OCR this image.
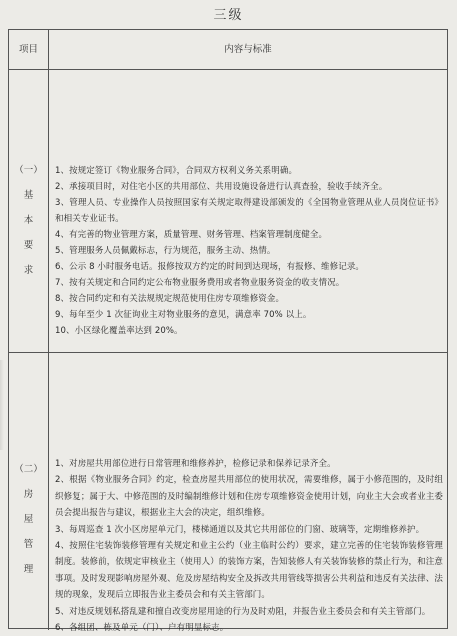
三级
项目	内容与标准
（一）
基
本
要
求
1、按规定签订《物业服务合同》，合同双方权利义务关系明确。
2、承接项目时，对住宅小区的共用部位、共用设施设备进行认真查验，验收手续齐全。
3、管理人员、专业操作人员按照国家有关规定取得建设部颁发的《全国物业管理从业人员岗位证书》和相关专业证书。
4、有完善的物业管理方案，质量管理、财务管理、档案管理制度健全。
5、管理服务人员佩戴标志，行为规范，服务主动、热情。
6、公示 8 小时服务电话。报修按双方约定的时间到达现场，有报修、维修记录。
7、按有关规定和合同约定公布物业服务费用或者物业服务资金的收支情况。
8、按合同约定和有关法规规定规范使用住房专项维修资金。
9、每年至少 1 次征询业主对物业服务的意见，满意率 70% 以上。
10、小区绿化覆盖率达到 20%。
（二）
房
屋
管
理
1、对房屋共用部位进行日常管理和维修养护，检修记录和保养记录齐全。
2、根据《物业服务合同》约定，检查房屋共用部位的使用状况，需要维修，属于小修范围的，及时组织修复；属于大、中修范围的及时编制维修计划和住房专项维修资金使用计划，向业主大会或者业主委员会提出报告与建议，根据业主大会的决定，组织维修。
3、每周巡查 1 次小区房屋单元门，楼梯通道以及其它共用部位的门窗、玻璃等，定期维修养护。
4、按照住宅装饰装修管理有关规定和业主公约（业主临时公约）要求，建立完善的住宅装饰装修管理制度。装修前，依规定审核业主（使用人）的装饰方案，告知装修人有关装饰装修的禁止行为，和注意事项。及时发现影响房屋外观、危及房屋结构安全及拆改共用管线等损害公共利益和违反有关法律、法规的现象，发现后立即报告业主委员会和有关主管部门。
5、对违反规划私搭乱建和擅自改变房屋用途的行为及时劝阻，并报告业主委员会和有关主管部门。
6、各组团、栋及单元（门）、户有明显标志。
